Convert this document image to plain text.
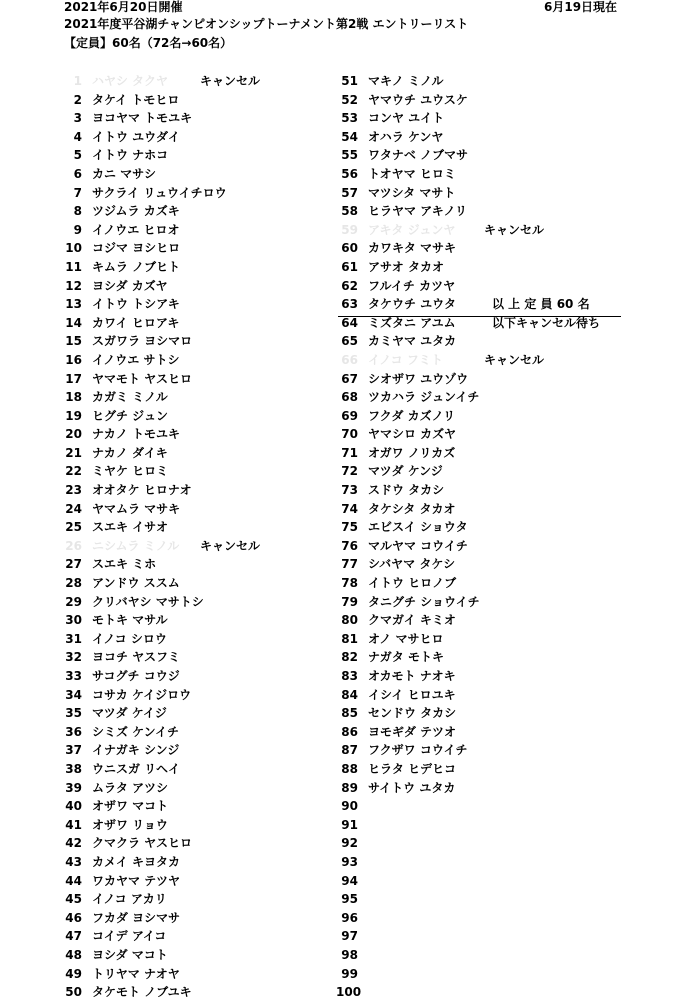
2021年6月20日開催
2021年度平谷湖チャンピオンシップトーナメント第2戦 エントリーリスト
【定員】60名（72名→60名）
6月19日現在
1 ハヤシ タクヤ	キャンセル
2 タケイ トモヒロ
3 ヨコヤマ トモユキ
4 イトウ ユウダイ
5 イトウ ナホコ
6 カニ マサシ
7 サクライ リュウイチロウ
8 ツジムラ カズキ
9 イノウエ ヒロオ
10 コジマ ヨシヒロ
11 キムラ ノブヒト
12 ヨシダ カズヤ
13 イトウ トシアキ
14 カワイ ヒロアキ
15 スガワラ ヨシマロ
16 イノウエ サトシ
17 ヤマモト ヤスヒロ
18 カガミ ミノル
19 ヒグチ ジュン
20 ナカノ トモユキ
21 ナカノ ダイキ
22 ミヤケ ヒロミ
23 オオタケ ヒロナオ
24 ヤマムラ マサキ
25 スエキ イサオ
26 ニシムラ ミノル キャンセル
27 スエキ ミホ
28 アンドウ ススム
29 クリバヤシ マサトシ
30 モトキ マサル
31 イノコ シロウ
32 ヨコチ ヤスフミ
33 サコグチ コウジ
34 コサカ ケイジロウ
35 マツダ ケイジ
36 シミズ ケンイチ
37 イナガキ シンジ
38 ウニスガ リヘイ
39 ムラタ アツシ
40 オザワ マコト
41 オザワ リョウ
42 クマクラ ヤスヒロ
43 カメイ キヨタカ
44 ワカヤマ テツヤ
45 イノコ アカリ
46 フカダ ヨシマサ
47 コイデ アイコ
48 ヨシダ マコト
49 トリヤマ ナオヤ
50 タケモト ノブユキ
51 マキノ ミノル
52 ヤマウチ ユウスケ
53 コンヤ ユイト
54 オハラ ケンヤ
55 ワタナベ ノブマサ
56 トオヤマ ヒロミ
57 マツシタ マサト
58 ヒラヤマ アキノリ
59 アキタ ジュンヤ キャンセル
60 カワキタ マサキ
61 アサオ タカオ
62 フルイチ カツヤ
63 タケウチ ユウタ	以 上 定 員 60 名
64 ミズタニ アユム	以下キャンセル待ち
65 カミヤマ ユタカ
66 イノコ フミト	キャンセル
67 シオザワ ユウゾウ
68 ツカハラ ジュンイチ
69 フクダ カズノリ
70 ヤマシロ カズヤ
71 オガワ ノリカズ
72 マツダ ケンジ
73 スドウ タカシ
74 タケシタ タカオ
75 エビスイ ショウタ
76 マルヤマ コウイチ
77 シバヤマ タケシ
78 イトウ ヒロノブ
79 タニグチ ショウイチ
80 クマガイ キミオ
81 オノ マサヒロ
82 ナガタ モトキ
83 オカモト ナオキ
84 イシイ ヒロユキ
85 センドウ タカシ
86 ヨモギダ テツオ
87 フクザワ コウイチ
88 ヒラタ ヒデヒコ
89 サイトウ ユタカ
90
91
92
93
94
95
96
97
98
99
100
